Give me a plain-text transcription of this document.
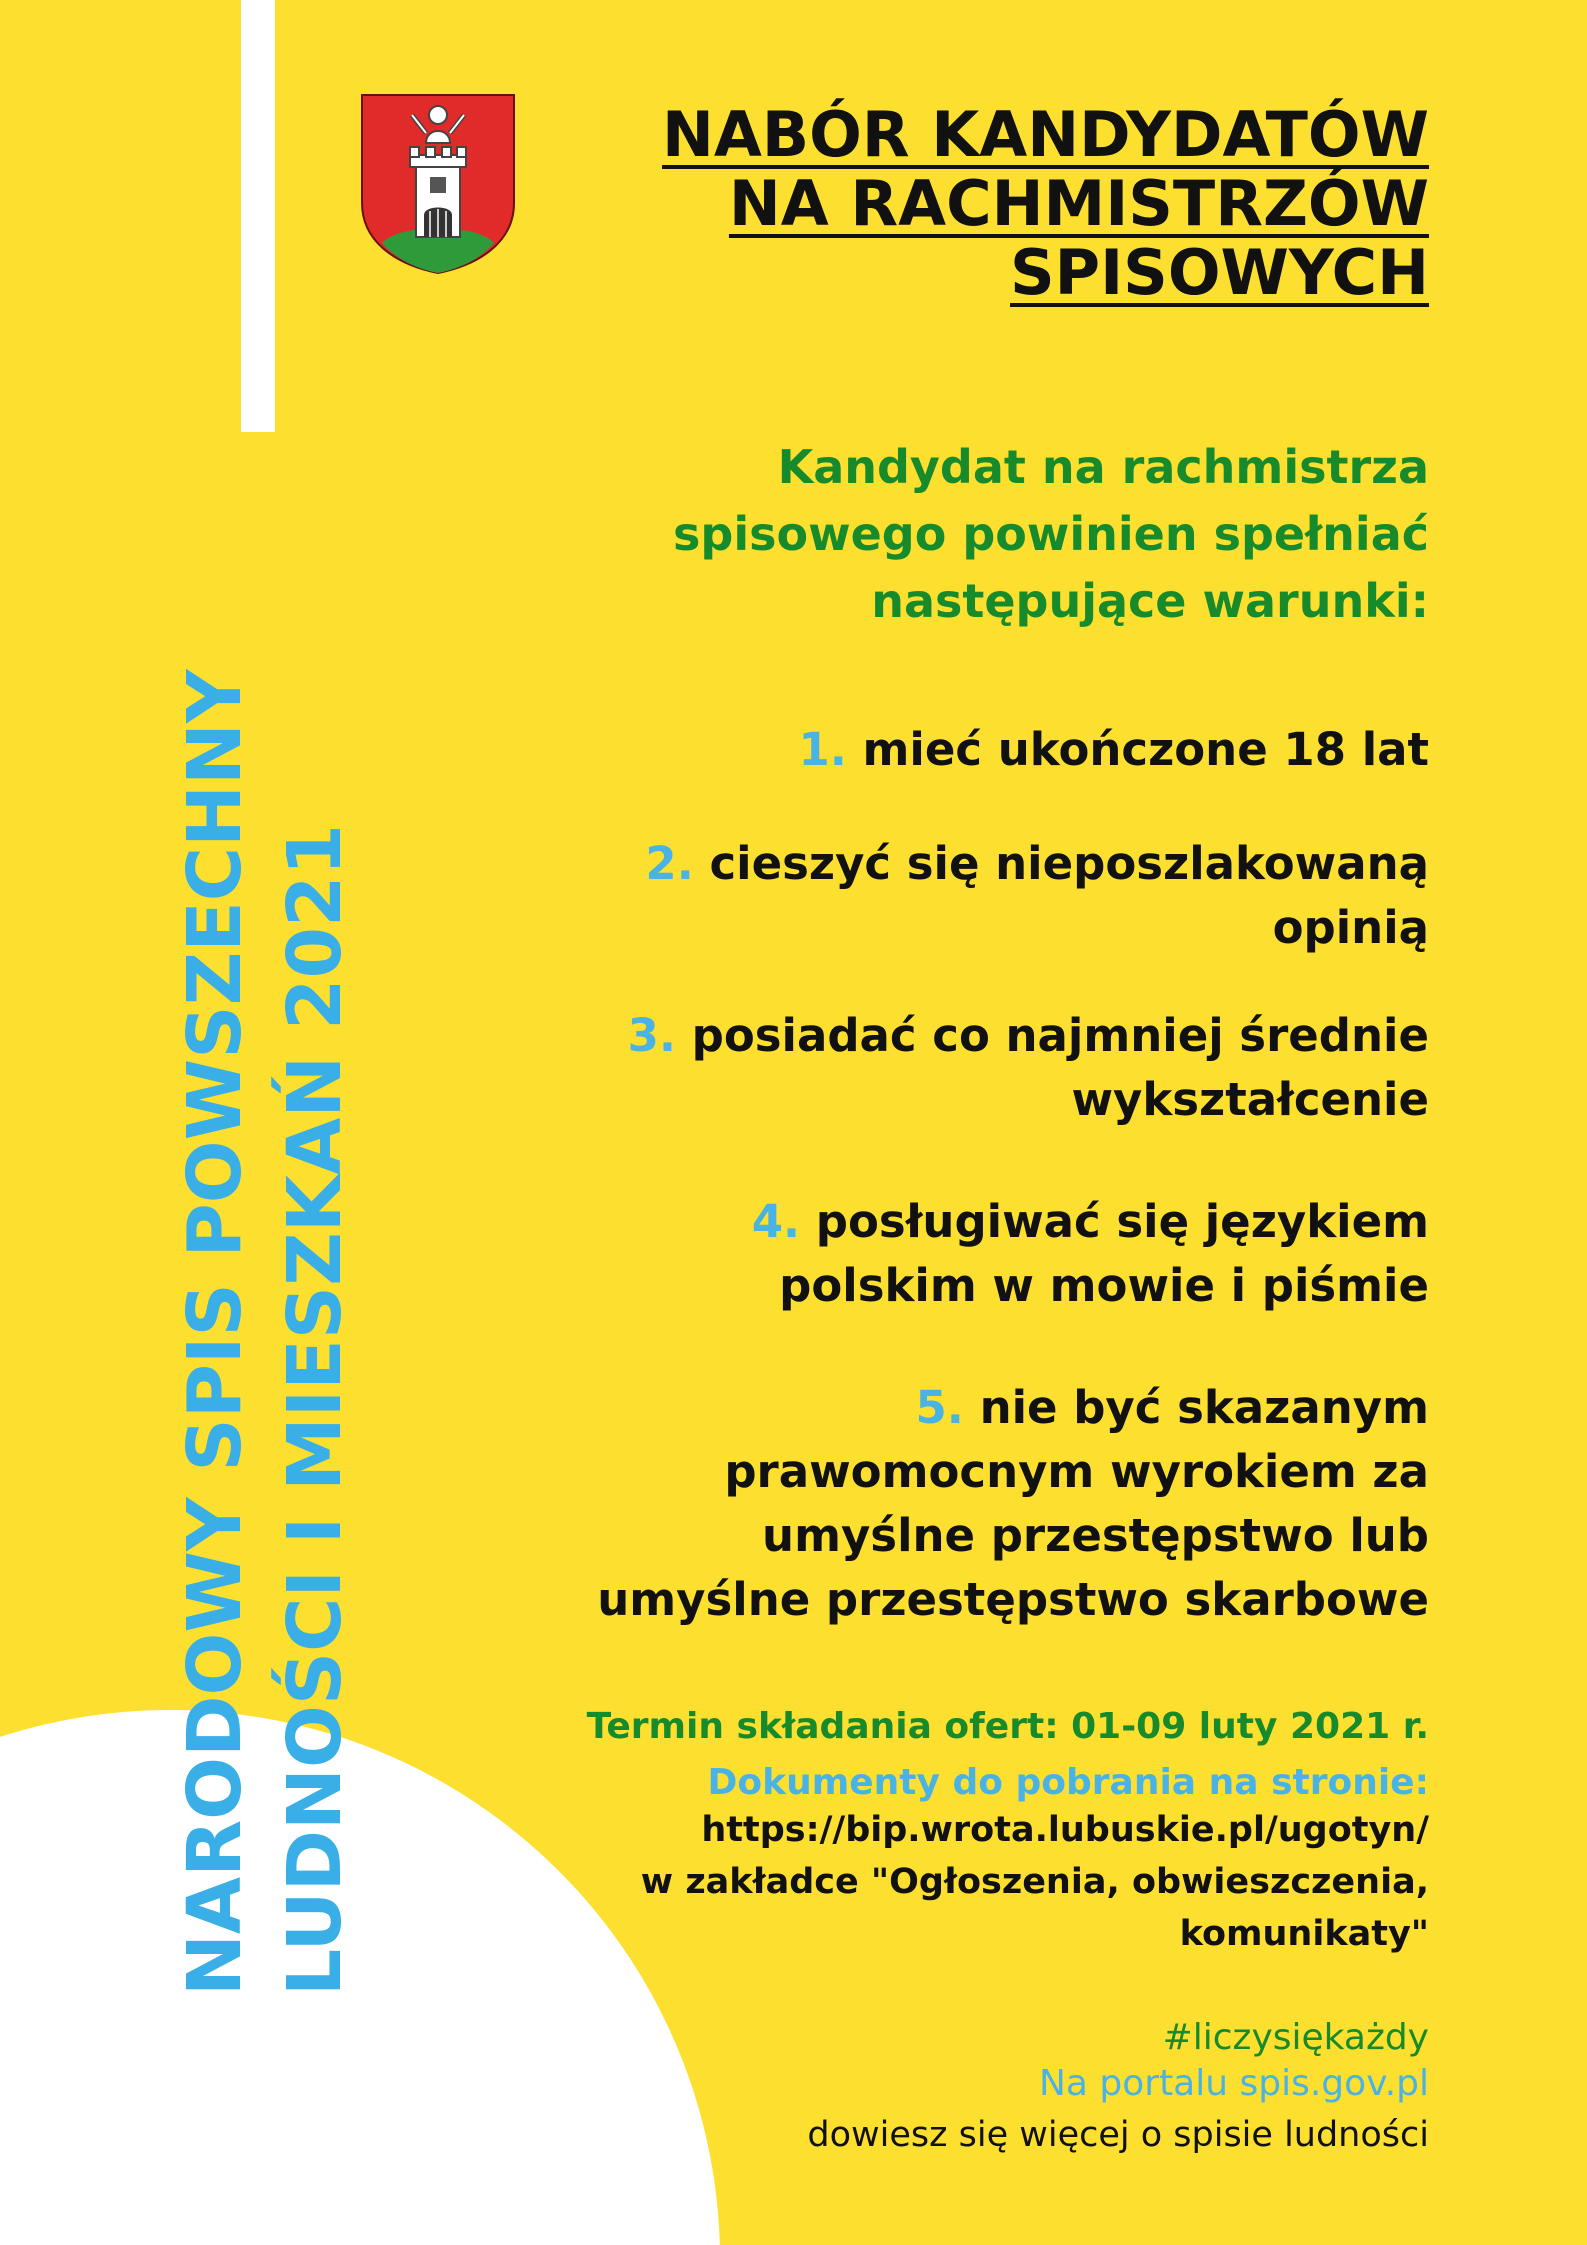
NABÓR KANDYDATÓW
NA RACHMISTRZÓW
SPISOWYCH
Kandydat na rachmistrza
spisowego powinien spełniać
następujące warunki:
1. mieć ukończone 18 lat
2. cieszyć się nieposzlakowaną
opinią
3. posiadać co najmniej średnie
wykształcenie
4. posługiwać się językiem
polskim w mowie i piśmie
5. nie być skazanym
prawomocnym wyrokiem za
umyślne przestępstwo lub
umyślne przestępstwo skarbowe
NARODOWY SPIS POWSZECHNY LUDNOŚCI I MIESZKAŃ 2021	Termin składania ofert: 01-09 luty 2021 r.
Dokumenty do pobrania na stronie:
https://bip.wrota.lubuskie.pl/ugotyn/
w zakładce "Ogłoszenia, obwieszczenia,
komunikaty"
#liczysiękażdy
Na portalu spis.gov.pl
dowiesz się więcej o spisie ludności
